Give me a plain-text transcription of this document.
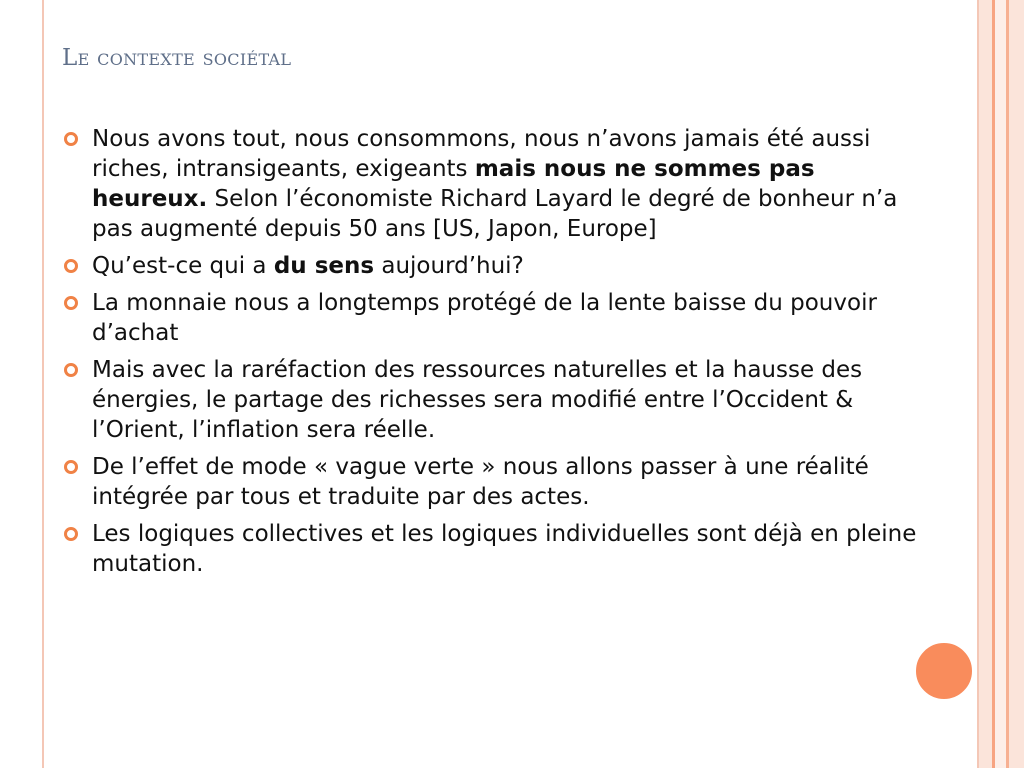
Le contexte sociétal
Nous avons tout, nous consommons, nous n’avons jamais été aussi riches, intransigeants, exigeants mais nous ne sommes pas heureux. Selon l’économiste Richard Layard le degré de bonheur n’a pas augmenté depuis 50 ans [US, Japon, Europe]
Qu’est-ce qui a du sens aujourd’hui?
La monnaie nous a longtemps protégé de la lente baisse du pouvoir d’achat
Mais avec la raréfaction des ressources naturelles et la hausse des énergies, le partage des richesses sera modifié entre l’Occident & l’Orient, l’inflation sera réelle.
De l’effet de mode « vague verte » nous allons passer à une réalité intégrée par tous et traduite par des actes.
Les logiques collectives et les logiques individuelles sont déjà en pleine mutation.
